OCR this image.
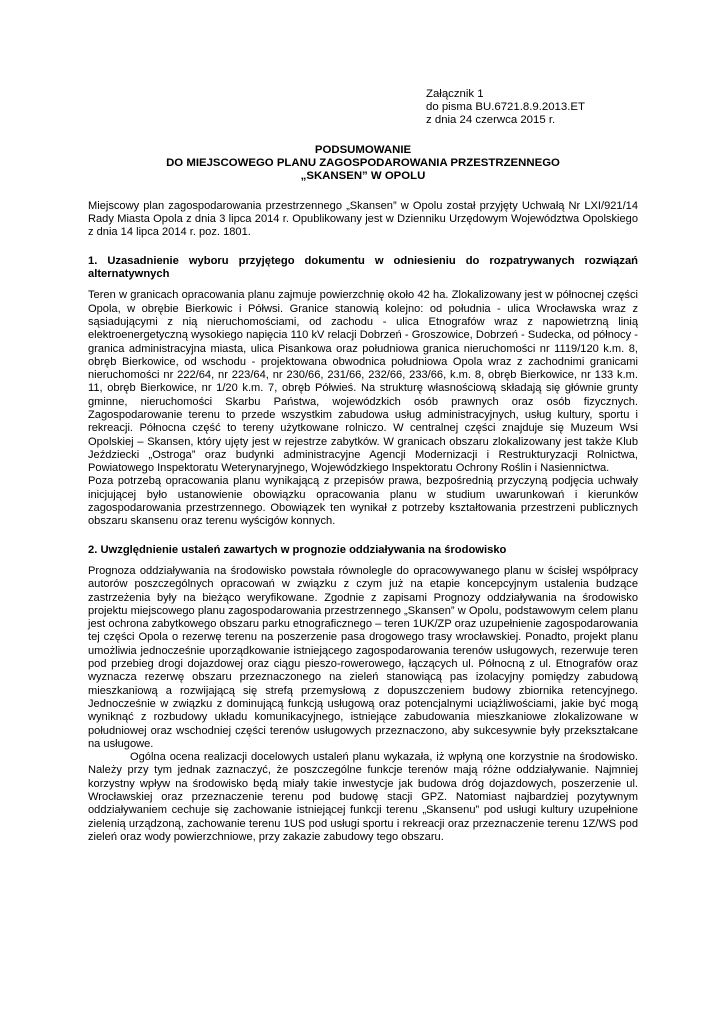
Załącznik 1
do pisma BU.6721.8.9.2013.ET
z dnia 24 czerwca 2015 r.
PODSUMOWANIE
DO MIEJSCOWEGO PLANU ZAGOSPODAROWANIA PRZESTRZENNEGO
„SKANSEN” W OPOLU

Miejscowy plan zagospodarowania przestrzennego „Skansen” w Opolu został przyjęty Uchwałą Nr LXI/921/14 Rady Miasta Opola z dnia 3 lipca 2014 r. Opublikowany jest w Dzienniku Urzędowym Województwa Opolskiego z dnia 14 lipca 2014 r. poz. 1801.

1. Uzasadnienie wyboru przyjętego dokumentu w odniesieniu do rozpatrywanych rozwiązań alternatywnych

Teren w granicach opracowania planu zajmuje powierzchnię około 42 ha. Zlokalizowany jest w północnej części Opola, w obrębie Bierkowic i Półwsi. Granice stanowią kolejno: od południa - ulica Wrocławska wraz z sąsiadującymi z nią nieruchomościami, od zachodu - ulica Etnografów wraz z napowietrzną linią elektroenergetyczną wysokiego napięcia 110 kV relacji Dobrzeń - Groszowice, Dobrzeń - Sudecka, od północy - granica administracyjna miasta, ulica Pisankowa oraz południowa granica nieruchomości nr 1119/120 k.m. 8, obręb Bierkowice, od wschodu - projektowana obwodnica południowa Opola wraz z zachodnimi granicami nieruchomości nr 222/64, nr 223/64, nr 230/66, 231/66, 232/66, 233/66, k.m. 8, obręb Bierkowice, nr 133 k.m. 11, obręb Bierkowice, nr 1/20 k.m. 7, obręb Półwieś. Na strukturę własnościową składają się głównie grunty gminne, nieruchomości Skarbu Państwa, wojewódzkich osób prawnych oraz osób fizycznych. Zagospodarowanie terenu to przede wszystkim zabudowa usług administracyjnych, usług kultury, sportu i rekreacji. Północna część to tereny użytkowane rolniczo. W centralnej części znajduje się Muzeum Wsi Opolskiej – Skansen, który ujęty jest w rejestrze zabytków. W granicach obszaru zlokalizowany jest także Klub Jeździecki „Ostroga” oraz budynki administracyjne Agencji Modernizacji i Restrukturyzacji Rolnictwa, Powiatowego Inspektoratu Weterynaryjnego, Wojewódzkiego Inspektoratu Ochrony Roślin i Nasiennictwa.

Poza potrzebą opracowania planu wynikającą z przepisów prawa, bezpośrednią przyczyną podjęcia uchwały inicjującej było ustanowienie obowiązku opracowania planu w studium uwarunkowań i kierunków zagospodarowania przestrzennego. Obowiązek ten wynikał z potrzeby kształtowania przestrzeni publicznych obszaru skansenu oraz terenu wyścigów konnych.

2. Uwzględnienie ustaleń zawartych w prognozie oddziaływania na środowisko

Prognoza oddziaływania na środowisko powstała równolegle do opracowywanego planu w ścisłej współpracy autorów poszczególnych opracowań w związku z czym już na etapie koncepcyjnym ustalenia budzące zastrzeżenia były na bieżąco weryfikowane. Zgodnie z zapisami Prognozy oddziaływania na środowisko projektu miejscowego planu zagospodarowania przestrzennego „Skansen” w Opolu, podstawowym celem planu jest ochrona zabytkowego obszaru parku etnograficznego – teren 1UK/ZP oraz uzupełnienie zagospodarowania tej części Opola o rezerwę terenu na poszerzenie pasa drogowego trasy wrocławskiej. Ponadto, projekt planu umożliwia jednocześnie uporządkowanie istniejącego zagospodarowania terenów usługowych, rezerwuje teren pod przebieg drogi dojazdowej oraz ciągu pieszo-rowerowego, łączących ul. Północną z ul. Etnografów oraz wyznacza rezerwę obszaru przeznaczonego na zieleń stanowiącą pas izolacyjny pomiędzy zabudową mieszkaniową a rozwijającą się strefą przemysłową z dopuszczeniem budowy zbiornika retencyjnego. Jednocześnie w związku z dominującą funkcją usługową oraz potencjalnymi uciążliwościami, jakie być mogą wyniknąć z rozbudowy układu komunikacyjnego, istniejące zabudowania mieszkaniowe zlokalizowane w południowej oraz wschodniej części terenów usługowych przeznaczono, aby sukcesywnie były przekształcane na usługowe.

Ogólna ocena realizacji docelowych ustaleń planu wykazała, iż wpłyną one korzystnie na środowisko. Należy przy tym jednak zaznaczyć, że poszczególne funkcje terenów mają różne oddziaływanie. Najmniej korzystny wpływ na środowisko będą miały takie inwestycje jak budowa dróg dojazdowych, poszerzenie ul. Wrocławskiej oraz przeznaczenie terenu pod budowę stacji GPZ. Natomiast najbardziej pozytywnym oddziaływaniem cechuje się zachowanie istniejącej funkcji terenu „Skansenu” pod usługi kultury uzupełnione zielenią urządzoną, zachowanie terenu 1US pod usługi sportu i rekreacji oraz przeznaczenie terenu 1Z/WS pod zieleń oraz wody powierzchniowe, przy zakazie zabudowy tego obszaru.
